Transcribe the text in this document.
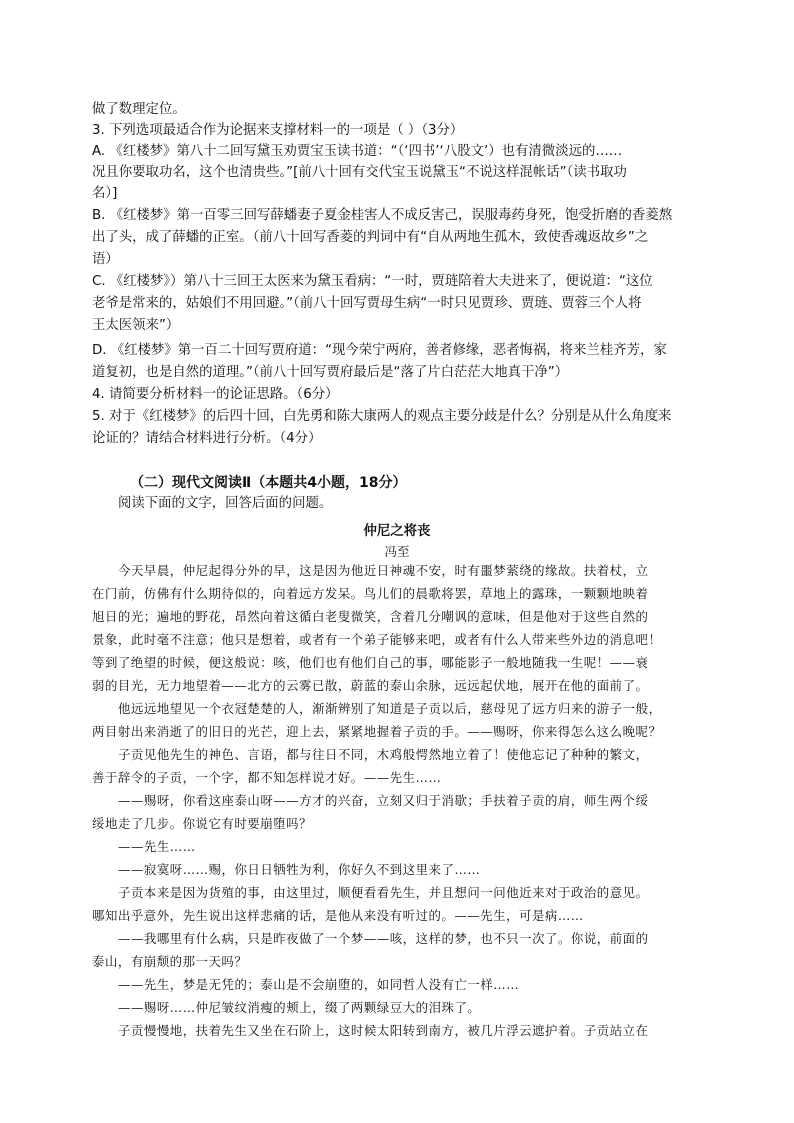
做了数理定位。
3. 下列选项最适合作为论据来支撑材料一的一项是（ ）（3分）
A. 《红楼梦》第八十二回写黛玉劝贾宝玉读书道：“（‘四书’‘八股文’）也有清微淡远的……
况且你要取功名，这个也清贵些。”[前八十回有交代宝玉说黛玉“不说这样混帐话”（读书取功
名）]
B. 《红楼梦》第一百零三回写薛蟠妻子夏金桂害人不成反害己，误服毒药身死，饱受折磨的香菱熬
出了头，成了薛蟠的正室。（前八十回写香菱的判词中有“自从两地生孤木，致使香魂返故乡”之
语）
C. 《红楼梦》）第八十三回王太医来为黛玉看病：“一时，贾琏陪着大夫进来了，便说道：“这位
老爷是常来的，姑娘们不用回避。”（前八十回写贾母生病“一时只见贾珍、贾琏、贾蓉三个人将
王太医领来”）
D. 《红楼梦》第一百二十回写贾府道：“现今荣宁两府，善者修缘，恶者悔祸，将来兰桂齐芳，家
道复初，也是自然的道理。”（前八十回写贾府最后是“落了片白茫茫大地真干净”）
4. 请简要分析材料一的论证思路。（6分）
5. 对于《红楼梦》的后四十回，白先勇和陈大康两人的观点主要分歧是什么？分别是从什么角度来
论证的？请结合材料进行分析。（4分）
（二）现代文阅读Ⅱ（本题共4小题，18分）
阅读下面的文字，回答后面的问题。
仲尼之将丧
冯至
今天早晨，仲尼起得分外的早，这是因为他近日神魂不安，时有噩梦萦绕的缘故。扶着杖，立
在门前，仿佛有什么期待似的，向着远方发呆。鸟儿们的晨歌将罢，草地上的露珠，一颗颗地映着
旭日的光；遍地的野花，昂然向着这循白老叟微笑，含着几分嘲讽的意味，但是他对于这些自然的
景象，此时毫不注意；他只是想着，或者有一个弟子能够来吧，或者有什么人带来些外边的消息吧！
等到了绝望的时候，便这般说：咳，他们也有他们自己的事，哪能影子一般地随我一生呢！——衰
弱的目光，无力地望着——北方的云雾已散，蔚蓝的泰山余脉，远远起伏地，展开在他的面前了。
他远远地望见一个衣冠楚楚的人，渐渐辨别了知道是子贡以后，慈母见了远方归来的游子一般，
两目射出来消逝了的旧日的光芒，迎上去，紧紧地握着子贡的手。——赐呀，你来得怎么这么晚呢？
子贡见他先生的神色、言语，都与往日不同，木鸡般愕然地立着了！使他忘记了种种的繁文，
善于辞令的子贡，一个字，都不知怎样说才好。——先生……
——赐呀，你看这座泰山呀——方才的兴奋，立刻又归于消歇；手扶着子贡的肩，师生两个绥
绥地走了几步。你说它有时要崩堕吗？
——先生……
——寂寞呀……赐，你日日牺牲为利，你好久不到这里来了……
子贡本来是因为货殖的事，由这里过，顺便看看先生，并且想问一问他近来对于政治的意见。
哪知出乎意外，先生说出这样悲痛的话，是他从来没有听过的。——先生，可是病……
——我哪里有什么病，只是昨夜做了一个梦——咳，这样的梦，也不只一次了。你说，前面的
泰山，有崩颓的那一天吗？
——先生，梦是无凭的；泰山是不会崩堕的，如同哲人没有亡一样……
——赐呀……仲尼皱纹消瘦的颊上，缀了两颗绿豆大的泪珠了。
子贡慢慢地，扶着先生又坐在石阶上，这时候太阳转到南方，被几片浮云遮护着。子贡站立在
